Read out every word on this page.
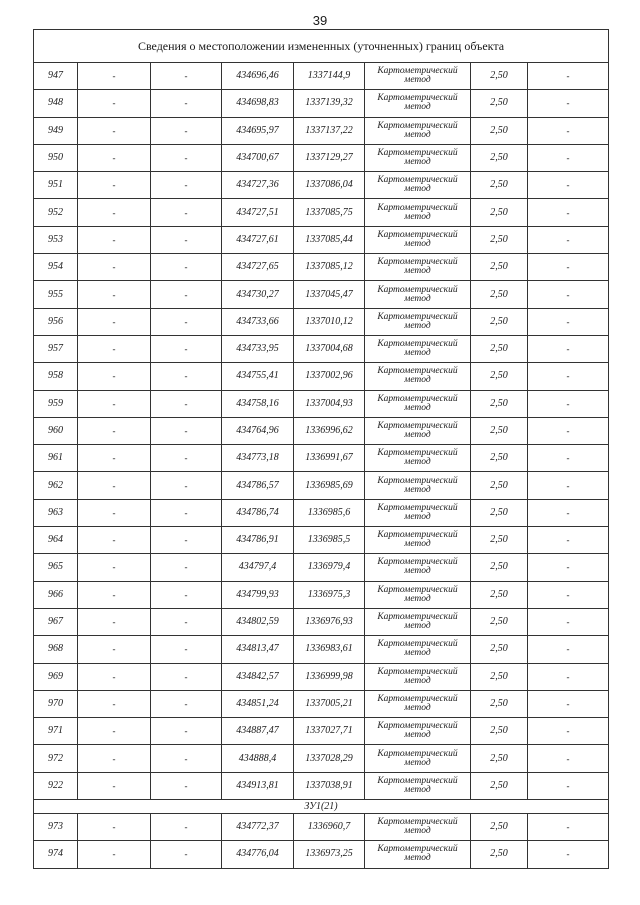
39
Сведения о местоположении измененных (уточненных) границ объекта							
947	-	-	434696,46	1337144,9	Картометрический метод	2,50	-
948	-	-	434698,83	1337139,32	Картометрический метод	2,50	-
949	-	-	434695,97	1337137,22	Картометрический метод	2,50	-
950	-	-	434700,67	1337129,27	Картометрический метод	2,50	-
951	-	-	434727,36	1337086,04	Картометрический метод	2,50	-
952	-	-	434727,51	1337085,75	Картометрический метод	2,50	-
953	-	-	434727,61	1337085,44	Картометрический метод	2,50	-
954	-	-	434727,65	1337085,12	Картометрический метод	2,50	-
955	-	-	434730,27	1337045,47	Картометрический метод	2,50	-
956	-	-	434733,66	1337010,12	Картометрический метод	2,50	-
957	-	-	434733,95	1337004,68	Картометрический метод	2,50	-
958	-	-	434755,41	1337002,96	Картометрический метод	2,50	-
959	-	-	434758,16	1337004,93	Картометрический метод	2,50	-
960	-	-	434764,96	1336996,62	Картометрический метод	2,50	-
961	-	-	434773,18	1336991,67	Картометрический метод	2,50	-
962	-	-	434786,57	1336985,69	Картометрический метод	2,50	-
963	-	-	434786,74	1336985,6	Картометрический метод	2,50	-
964	-	-	434786,91	1336985,5	Картометрический метод	2,50	-
965	-	-	434797,4	1336979,4	Картометрический метод	2,50	-
966	-	-	434799,93	1336975,3	Картометрический метод	2,50	-
967	-	-	434802,59	1336976,93	Картометрический метод	2,50	-
968	-	-	434813,47	1336983,61	Картометрический метод	2,50	-
969	-	-	434842,57	1336999,98	Картометрический метод	2,50	-
970	-	-	434851,24	1337005,21	Картометрический метод	2,50	-
971	-	-	434887,47	1337027,71	Картометрический метод	2,50	-
972	-	-	434888,4	1337028,29	Картометрический метод	2,50	-
922	-	-	434913,81	1337038,91	Картометрический метод	2,50	-
ЗУ1(21)							
973	-	-	434772,37	1336960,7	Картометрический метод	2,50	-
974	-	-	434776,04	1336973,25	Картометрический метод	2,50	-
